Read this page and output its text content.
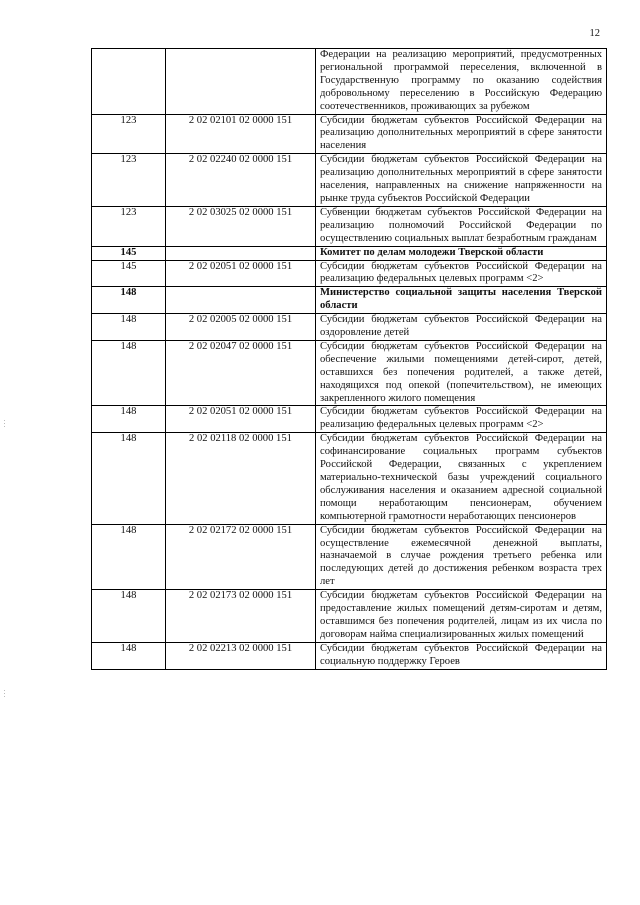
12
		Федерации на реализацию мероприятий, предусмотренных региональной программой переселения, включенной в Государственную программу по оказанию содействия добровольному переселению в Российскую Федерацию соотечественников, проживающих за рубежом
123	2 02 02101 02 0000 151	Субсидии бюджетам субъектов Российской Федерации на реализацию дополнительных мероприятий в сфере занятости населения
123	2 02 02240 02 0000 151	Субсидии бюджетам субъектов Российской Федерации на реализацию дополнительных мероприятий в сфере занятости населения, направленных на снижение напряженности на рынке труда субъектов Российской Федерации
123	2 02 03025 02 0000 151	Субвенции бюджетам субъектов Российской Федерации на реализацию полномочий Российской Федерации по осуществлению социальных выплат безработным гражданам
145		Комитет по делам молодежи Тверской области
145	2 02 02051 02 0000 151	Субсидии бюджетам субъектов Российской Федерации на реализацию федеральных целевых программ <2>
148		Министерство социальной защиты населения Тверской области
148	2 02 02005 02 0000 151	Субсидии бюджетам субъектов Российской Федерации на оздоровление детей
148	2 02 02047 02 0000 151	Субсидии бюджетам субъектов Российской Федерации на обеспечение жилыми помещениями детей-сирот, детей, оставшихся без попечения родителей, а также детей, находящихся под опекой (попечительством), не имеющих закрепленного жилого помещения
148	2 02 02051 02 0000 151	Субсидии бюджетам субъектов Российской Федерации на реализацию федеральных целевых программ <2>
148	2 02 02118 02 0000 151	Субсидии бюджетам субъектов Российской Федерации на софинансирование социальных программ субъектов Российской Федерации, связанных с укреплением материально-технической базы учреждений социального обслуживания населения и оказанием адресной социальной помощи неработающим пенсионерам, обучением компьютерной грамотности неработающих пенсионеров
148	2 02 02172 02 0000 151	Субсидии бюджетам субъектов Российской Федерации на осуществление ежемесячной денежной выплаты, назначаемой в случае рождения третьего ребенка или последующих детей до достижения ребенком возраста трех лет
148	2 02 02173 02 0000 151	Субсидии бюджетам субъектов Российской Федерации на предоставление жилых помещений детям-сиротам и детям, оставшимся без попечения родителей, лицам из их числа по договорам найма специализированных жилых помещений
148	2 02 02213 02 0000 151	Субсидии бюджетам субъектов Российской Федерации на социальную поддержку Героев
